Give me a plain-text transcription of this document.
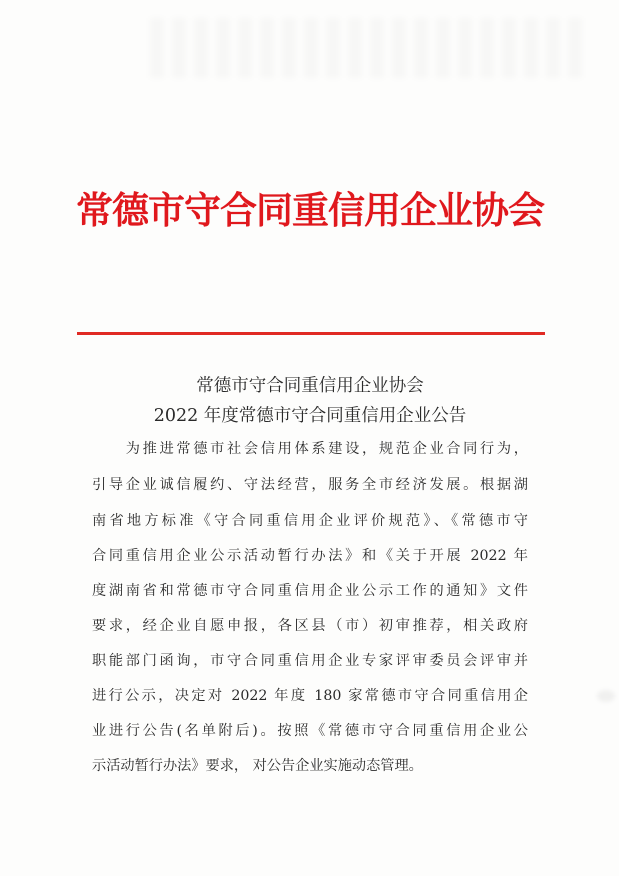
常德市守合同重信用企业协会
常德市守合同重信用企业协会
2022 年度常德市守合同重信用企业公告
　　为推进常德市社会信用体系建设，规范企业合同行为，
引导企业诚信履约、守法经营，服务全市经济发展。根据湖
南省地方标准《守合同重信用企业评价规范》、《常德市守
合同重信用企业公示活动暂行办法》和《关于开展 2022 年
度湖南省和常德市守合同重信用企业公示工作的通知》文件
要求，经企业自愿申报，各区县（市）初审推荐，相关政府
职能部门函询，市守合同重信用企业专家评审委员会评审并
进行公示，决定对 2022 年度 180 家常德市守合同重信用企
业进行公告(名单附后)。按照《常德市守合同重信用企业公
示活动暂行办法》要求， 对公告企业实施动态管理。
